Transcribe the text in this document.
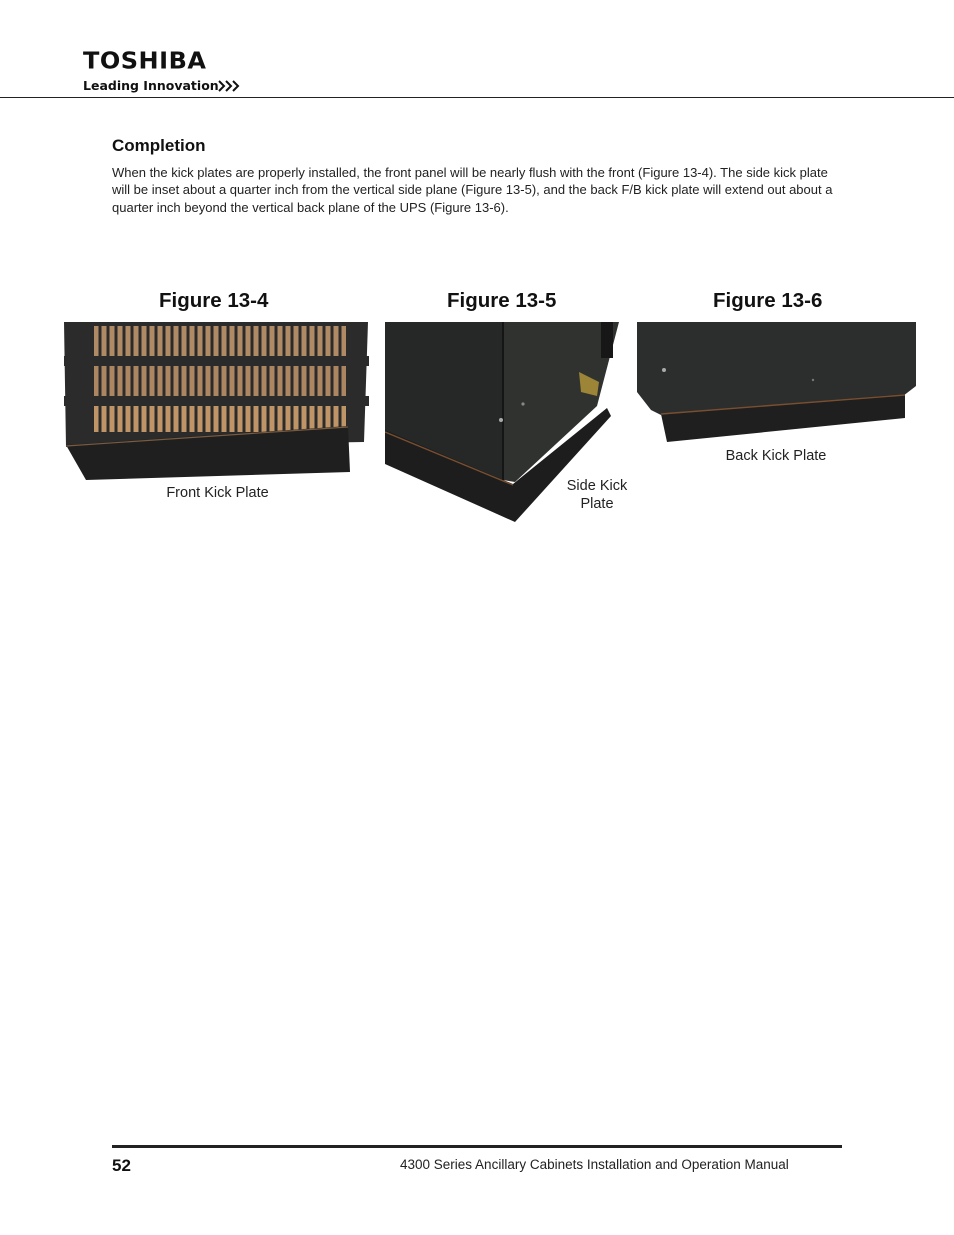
TOSHIBA
Leading Innovation
Completion
When the kick plates are properly installed, the front panel will be nearly flush with the front (Figure 13-4). The side kick plate will be inset about a quarter inch from the vertical side plane (Figure 13-5), and the back F/B kick plate will extend out about a quarter inch beyond the vertical back plane of the UPS (Figure 13-6).
Figure 13-4
Front Kick Plate
Figure 13-5
Side Kick
Plate
Figure 13-6
Back Kick Plate
52	4300 Series Ancillary Cabinets Installation and Operation Manual
